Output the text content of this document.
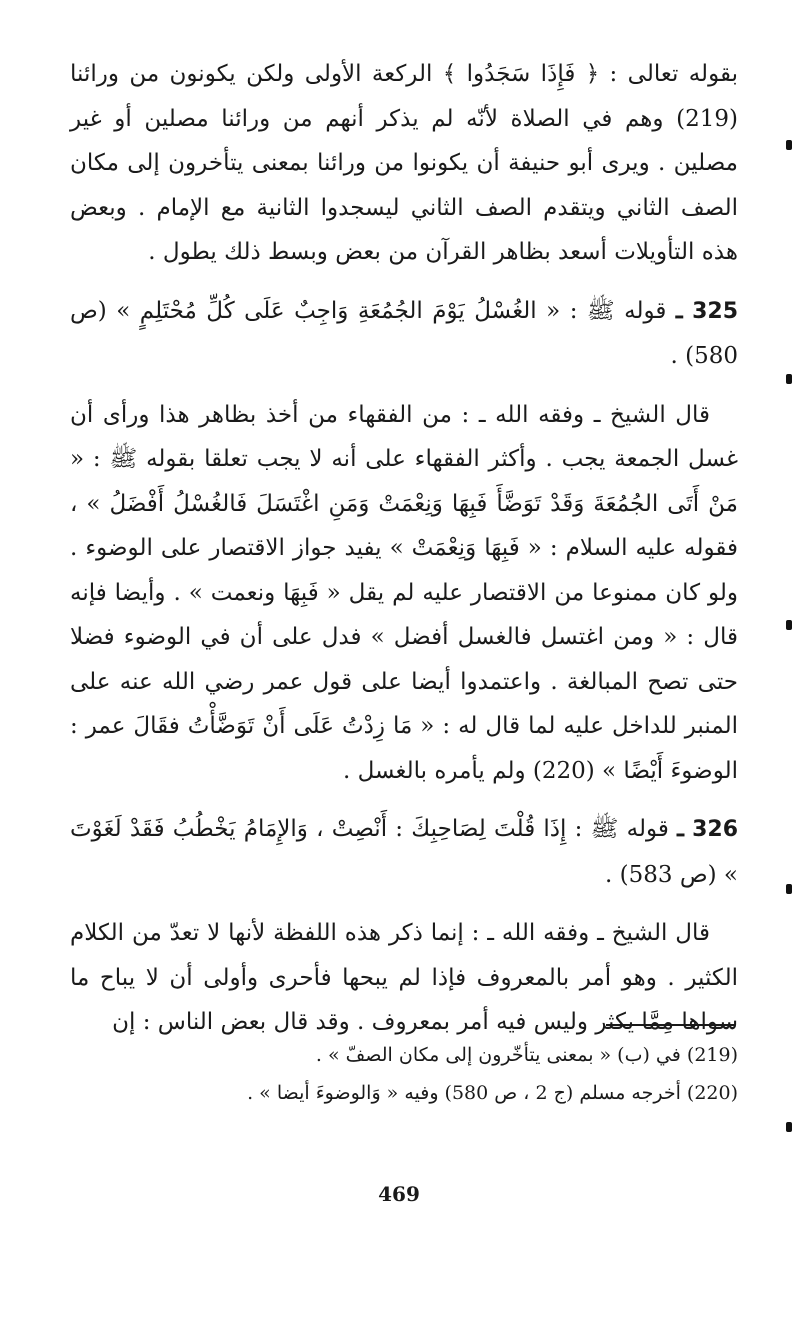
بقوله تعالى : ﴿ فَإِذَا سَجَدُوا ﴾ الركعة الأولى ولكن يكونون من ورائنا (219) وهم في الصلاة لأنّه لم يذكر أنهم من ورائنا مصلين أو غير مصلين . ويرى أبو حنيفة أن يكونوا من ورائنا بمعنى يتأخرون إلى مكان الصف الثاني ويتقدم الصف الثاني ليسجدوا الثانية مع الإمام . وبعض هذه التأويلات أسعد بظاهر القرآن من بعض وبسط ذلك يطول .

325 ـ قوله ﷺ : « الغُسْلُ يَوْمَ الجُمُعَةِ وَاجِبٌ عَلَى كُلِّ مُحْتَلِمٍ » (ص 580) .

قال الشيخ ـ وفقه الله ـ : من الفقهاء من أخذ بظاهر هذا ورأى أن غسل الجمعة يجب . وأكثر الفقهاء على أنه لا يجب تعلقا بقوله ﷺ : « مَنْ أَتَى الجُمُعَةَ وَقَدْ تَوَضَّأَ فَبِهَا وَنِعْمَتْ وَمَنِ اغْتَسَلَ فَالغُسْلُ أَفْضَلُ » ، فقوله عليه السلام : « فَبِهَا وَنِعْمَتْ » يفيد جواز الاقتصار على الوضوء . ولو كان ممنوعا من الاقتصار عليه لم يقل « فَبِهَا ونعمت » . وأيضا فإنه قال : « ومن اغتسل فالغسل أفضل » فدل على أن في الوضوء فضلا حتى تصح المبالغة . واعتمدوا أيضا على قول عمر رضي الله عنه على المنبر للداخل عليه لما قال له : « مَا زِدْتُ عَلَى أَنْ تَوَضَّأْتُ فقَالَ عمر : الوضوءَ أَيْضًا » (220) ولم يأمره بالغسل .

326 ـ قوله ﷺ : إِذَا قُلْتَ لِصَاحِبِكَ : أَنْصِتْ ، وَالإِمَامُ يَخْطُبُ فَقَدْ لَغَوْتَ » (ص 583) .

قال الشيخ ـ وفقه الله ـ : إنما ذكر هذه اللفظة لأنها لا تعدّ من الكلام الكثير . وهو أمر بالمعروف فإذا لم يبحها فأحرى وأولى أن لا يباح ما سواها مِمَّا يكثر وليس فيه أمر بمعروف . وقد قال بعض الناس : إن

(219) في (ب) « بمعنى يتأخّرون إلى مكان الصفّ » .

(220) أخرجه مسلم (ج 2 ، ص 580) وفيه « وَالوضوءَ أيضا » .

469
